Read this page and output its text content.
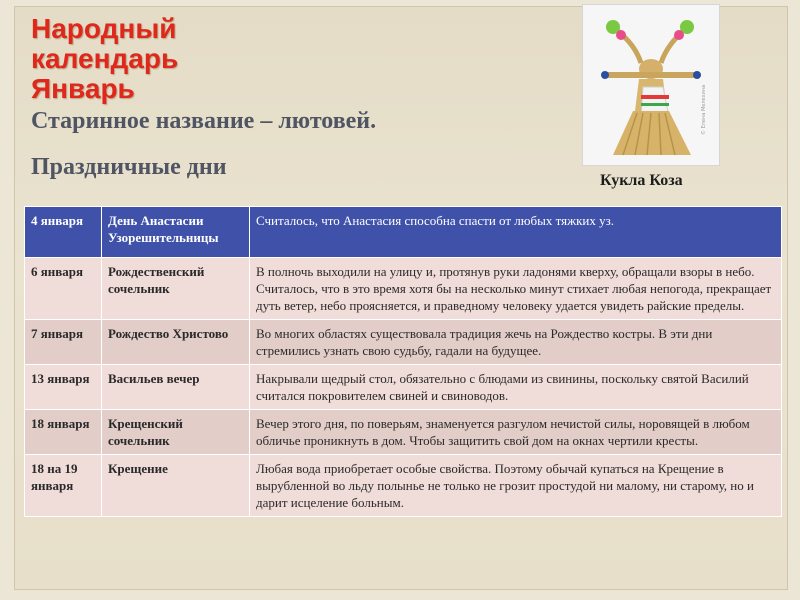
Народный
календарь
Январь
Старинное название – лютовей.
Праздничные дни
© Елена Мелехина
Кукла Коза
4 января	День Анастасии Узорешительницы	Считалось, что Анастасия способна спасти от любых тяжких уз.
6 января	Рождественский сочельник	В полночь выходили на улицу и, протянув руки ладонями кверху, обращали взоры в небо. Считалось, что в это время хотя бы на несколько минут стихает любая непогода, прекращает дуть ветер, небо проясняется, и праведному человеку удается увидеть райские пределы.
7 января	Рождество Христово	Во многих областях существовала традиция жечь на Рождество костры. В эти дни стремились узнать свою судьбу, гадали на будущее.
13 января	Васильев вечер	Накрывали щедрый стол, обязательно с блюдами из свинины, поскольку святой Василий считался покровителем свиней и свиноводов.
18 января	Крещенский сочельник	Вечер этого дня, по поверьям, знаменуется разгулом нечистой силы, норовящей в любом обличье проникнуть в дом. Чтобы защитить свой дом на окнах чертили кресты.
18 на 19 января	Крещение	Любая вода приобретает особые свойства. Поэтому обычай купаться на Крещение в вырубленной во льду полынье не только не грозит простудой ни малому, ни старому, но и дарит исцеление больным.
